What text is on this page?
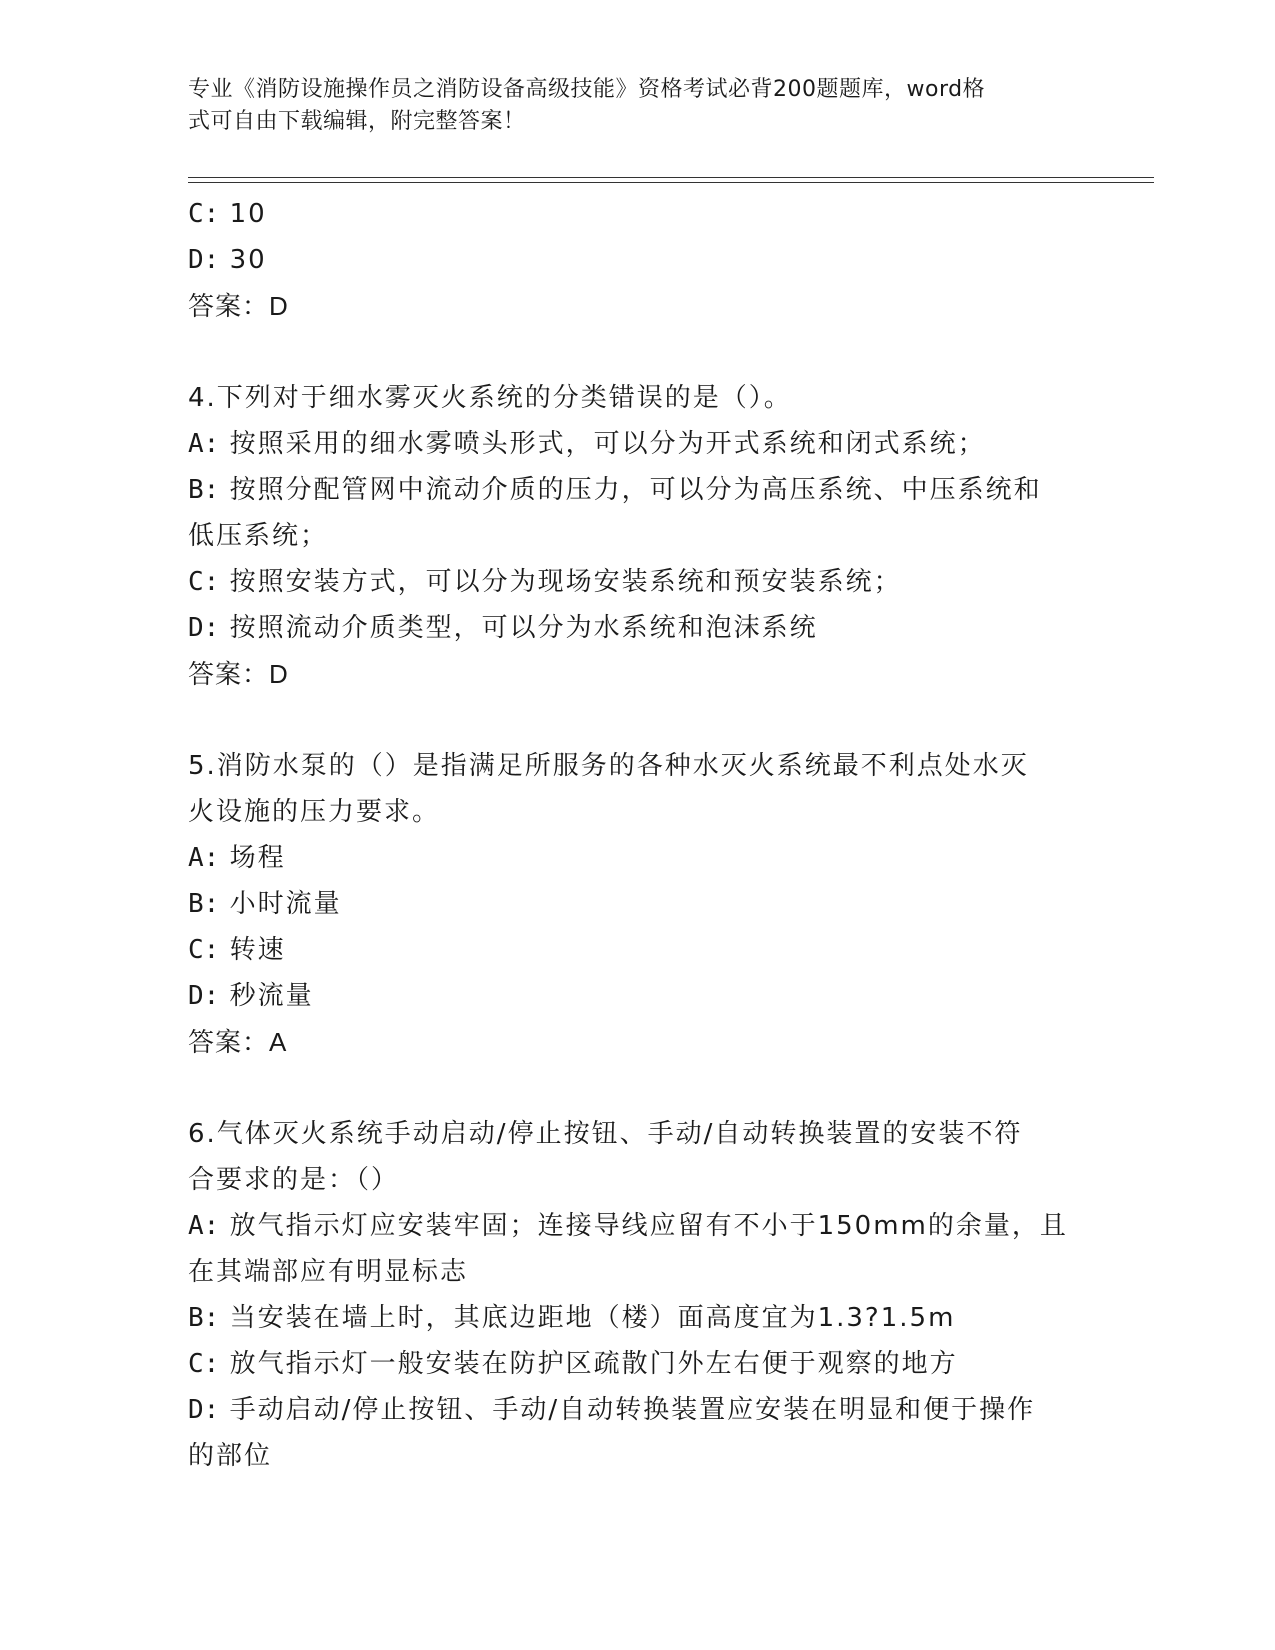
专业《消防设施操作员之消防设备高级技能》资格考试必背200题题库，word格
式可自由下载编辑，附完整答案！

C: 10
D: 30
答案：D
4.下列对于细水雾灭火系统的分类错误的是（）。
A: 按照采用的细水雾喷头形式，可以分为开式系统和闭式系统；
B: 按照分配管网中流动介质的压力，可以分为高压系统、中压系统和
低压系统；
C: 按照安装方式，可以分为现场安装系统和预安装系统；
D: 按照流动介质类型，可以分为水系统和泡沫系统
答案：D
5.消防水泵的（）是指满足所服务的各种水灭火系统最不利点处水灭
火设施的压力要求。
A: 场程
B: 小时流量
C: 转速
D: 秒流量
答案：A
6.气体灭火系统手动启动/停止按钮、手动/自动转换装置的安装不符
合要求的是：（）
A: 放气指示灯应安装牢固；连接导线应留有不小于150mm的余量，且
在其端部应有明显标志
B: 当安装在墙上时，其底边距地（楼）面高度宜为1.3?1.5m
C: 放气指示灯一般安装在防护区疏散门外左右便于观察的地方
D: 手动启动/停止按钮、手动/自动转换装置应安装在明显和便于操作
的部位
